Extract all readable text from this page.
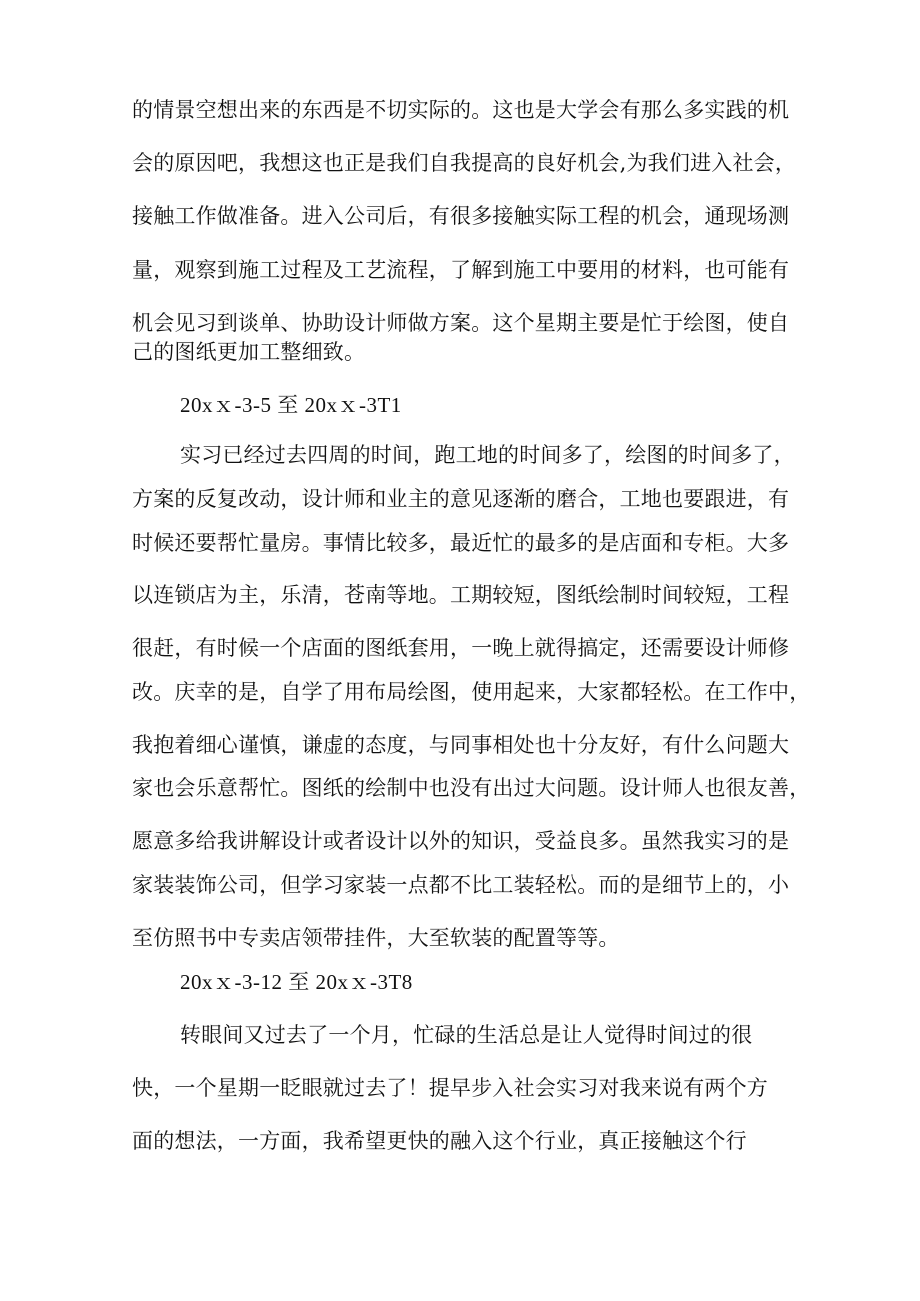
的情景空想出来的东西是不切实际的。这也是大学会有那么多实践的机
会的原因吧，我想这也正是我们自我提高的良好机会,为我们进入社会，
接触工作做准备。进入公司后，有很多接触实际工程的机会，通现场测
量，观察到施工过程及工艺流程，了解到施工中要用的材料，也可能有
机会见习到谈单、协助设计师做方案。这个星期主要是忙于绘图，使自
己的图纸更加工整细致。
20xｘ-3-5 至 20xｘ-3T1
实习已经过去四周的时间，跑工地的时间多了，绘图的时间多了，
方案的反复改动，设计师和业主的意见逐渐的磨合，工地也要跟进，有
时候还要帮忙量房。事情比较多，最近忙的最多的是店面和专柜。大多
以连锁店为主，乐清，苍南等地。工期较短，图纸绘制时间较短，工程
很赶，有时候一个店面的图纸套用，一晚上就得搞定，还需要设计师修
改。庆幸的是，自学了用布局绘图，使用起来，大家都轻松。在工作中，
我抱着细心谨慎，谦虚的态度，与同事相处也十分友好，有什么问题大
家也会乐意帮忙。图纸的绘制中也没有出过大问题。设计师人也很友善，
愿意多给我讲解设计或者设计以外的知识，受益良多。虽然我实习的是
家装装饰公司，但学习家装一点都不比工装轻松。而的是细节上的，小
至仿照书中专卖店领带挂件，大至软装的配置等等。
20xｘ-3-12 至 20xｘ-3T8
转眼间又过去了一个月，忙碌的生活总是让人觉得时间过的很
快，一个星期一眨眼就过去了！提早步入社会实习对我来说有两个方
面的想法，一方面，我希望更快的融入这个行业，真正接触这个行
